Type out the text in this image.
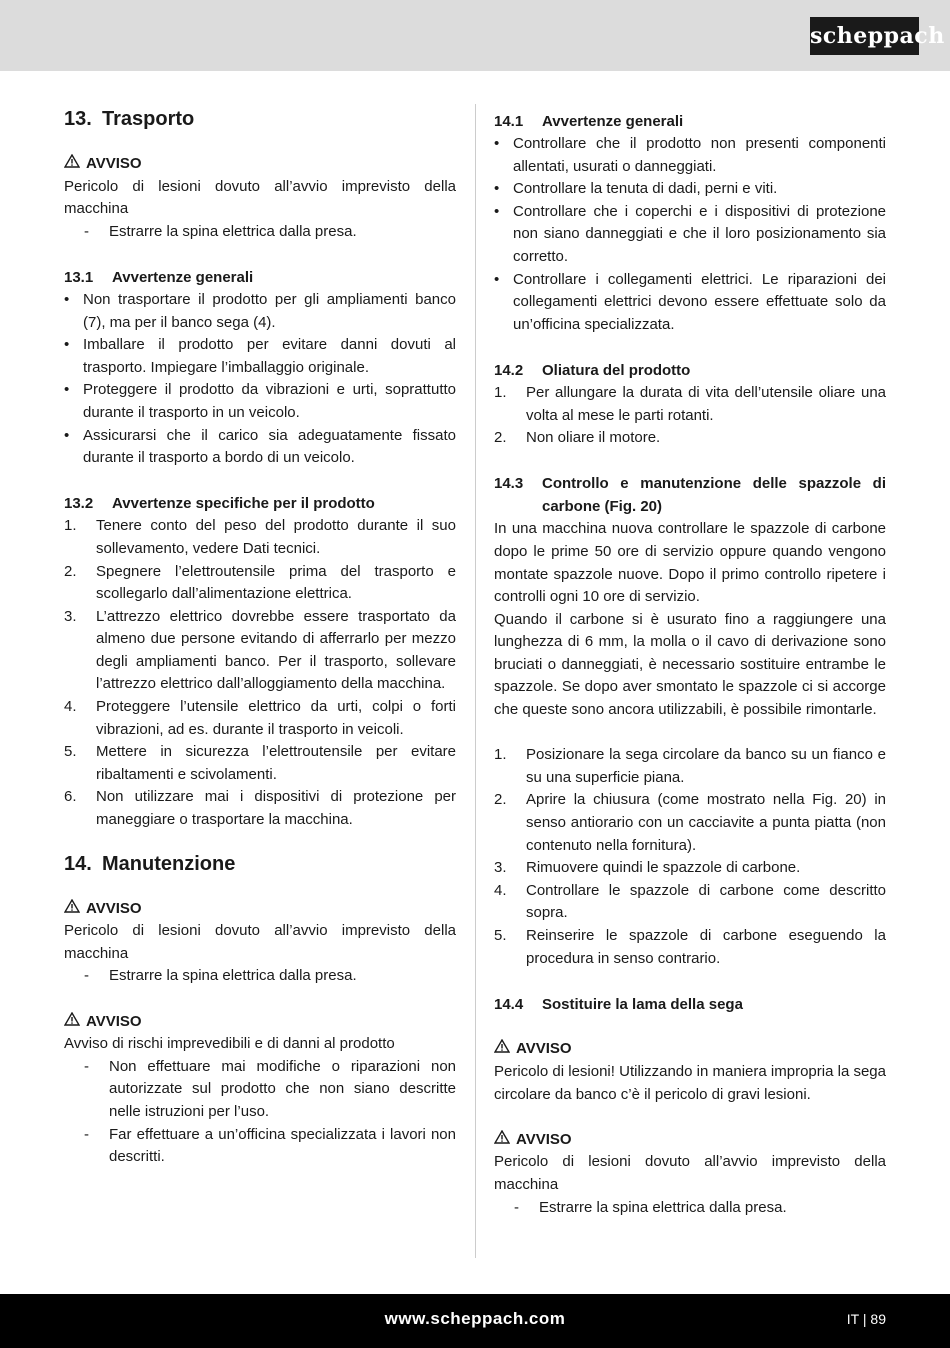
scheppach
13. Trasporto
AVVISO

Pericolo di lesioni dovuto all’avvio imprevisto della macchina

- Estrarre la spina elettrica dalla presa.
13.1 Avvertenze generali
• Non trasportare il prodotto per gli ampliamenti banco (7), ma per il banco sega (4).
• Imballare il prodotto per evitare danni dovuti al trasporto. Impiegare l’imballaggio originale.
• Proteggere il prodotto da vibrazioni e urti, soprattutto durante il trasporto in un veicolo.
• Assicurarsi che il carico sia adeguatamente fissato durante il trasporto a bordo di un veicolo.
13.2 Avvertenze specifiche per il prodotto
1. Tenere conto del peso del prodotto durante il suo sollevamento, vedere Dati tecnici.
2. Spegnere l’elettroutensile prima del trasporto e scollegarlo dall’alimentazione elettrica.
3. L’attrezzo elettrico dovrebbe essere trasportato da almeno due persone evitando di afferrarlo per mezzo degli ampliamenti banco. Per il trasporto, sollevare l’attrezzo elettrico dall’alloggiamento della macchina.
4. Proteggere l’utensile elettrico da urti, colpi o forti vibrazioni, ad es. durante il trasporto in veicoli.
5. Mettere in sicurezza l’elettroutensile per evitare ribaltamenti e scivolamenti.
6. Non utilizzare mai i dispositivi di protezione per maneggiare o trasportare la macchina.
14. Manutenzione
AVVISO

Pericolo di lesioni dovuto all’avvio imprevisto della macchina

- Estrarre la spina elettrica dalla presa.
AVVISO

Avviso di rischi imprevedibili e di danni al prodotto

- Non effettuare mai modifiche o riparazioni non autorizzate sul prodotto che non siano descritte nelle istruzioni per l’uso.
- Far effettuare a un’officina specializzata i lavori non descritti.
14.1 Avvertenze generali
• Controllare che il prodotto non presenti componenti allentati, usurati o danneggiati.
• Controllare la tenuta di dadi, perni e viti.
• Controllare che i coperchi e i dispositivi di protezione non siano danneggiati e che il loro posizionamento sia corretto.
• Controllare i collegamenti elettrici. Le riparazioni dei collegamenti elettrici devono essere effettuate solo da un’officina specializzata.
14.2 Oliatura del prodotto
1. Per allungare la durata di vita dell’utensile oliare una volta al mese le parti rotanti.
2. Non oliare il motore.
14.3 Controllo e manutenzione delle spazzole di carbone (Fig. 20)

In una macchina nuova controllare le spazzole di carbone dopo le prime 50 ore di servizio oppure quando vengono montate spazzole nuove. Dopo il primo controllo ripetere i controlli ogni 10 ore di servizio.

Quando il carbone si è usurato fino a raggiungere una lunghezza di 6 mm, la molla o il cavo di derivazione sono bruciati o danneggiati, è necessario sostituire entrambe le spazzole. Se dopo aver smontato le spazzole ci si accorge che queste sono ancora utilizzabili, è possibile rimontarle.

1. Posizionare la sega circolare da banco su un fianco e su una superficie piana.
2. Aprire la chiusura (come mostrato nella Fig. 20) in senso antiorario con un cacciavite a punta piatta (non contenuto nella fornitura).
3. Rimuovere quindi le spazzole di carbone.
4. Controllare le spazzole di carbone come descritto sopra.
5. Reinserire le spazzole di carbone eseguendo la procedura in senso contrario.
14.4 Sostituire la lama della sega
AVVISO

Pericolo di lesioni! Utilizzando in maniera impropria la sega circolare da banco c’è il pericolo di gravi lesioni.

AVVISO

Pericolo di lesioni dovuto all’avvio imprevisto della macchina

- Estrarre la spina elettrica dalla presa.
www.scheppach.com	IT | 89
